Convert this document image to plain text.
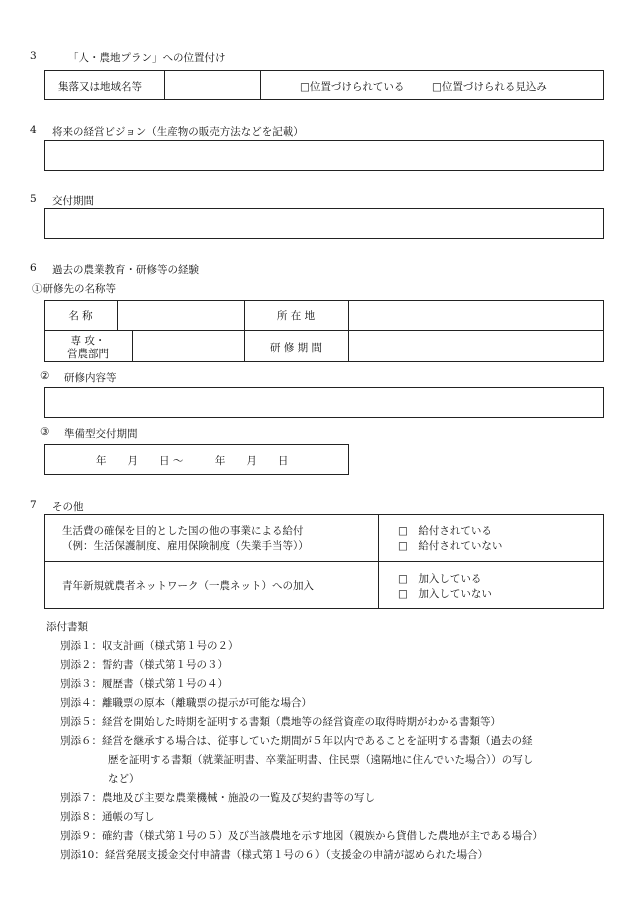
3	「人・農地プラン」への位置付け
集落又は地域名等	□位置づけられている	□位置づけられる見込み
4 将来の経営ビジョン（生産物の販売方法などを記載）
5 交付期間
6 過去の農業教育・研修等の経験
①研修先の名称等
名 称	所 在 地
専 攻・
営農部門	研 修 期 間
② 研修内容等
③ 準備型交付期間
年　　月　　日 〜　　　年　　月　　日
7 その他
生活費の確保を目的とした国の他の事業による給付
（例：生活保護制度、雇用保険制度（失業手当等））
□　給付されている
□　給付されていない
青年新規就農者ネットワーク（一農ネット）への加入
□　加入している
□　加入していない
添付書類
別添１：収支計画（様式第１号の２）
別添２：誓約書（様式第１号の３）
別添３：履歴書（様式第１号の４）
別添４：離職票の原本（離職票の提示が可能な場合）
別添５：経営を開始した時期を証明する書類（農地等の経営資産の取得時期がわかる書類等）
別添６：経営を継承する場合は、従事していた期間が５年以内であることを証明する書類（過去の経
歴を証明する書類（就業証明書、卒業証明書、住民票（遠隔地に住んでいた場合））の写し
など）
別添７：農地及び主要な農業機械・施設の一覧及び契約書等の写し
別添８：通帳の写し
別添９：確約書（様式第１号の５）及び当該農地を示す地図（親族から貸借した農地が主である場合）
別添10：経営発展支援金交付申請書（様式第１号の６）（支援金の申請が認められた場合）
